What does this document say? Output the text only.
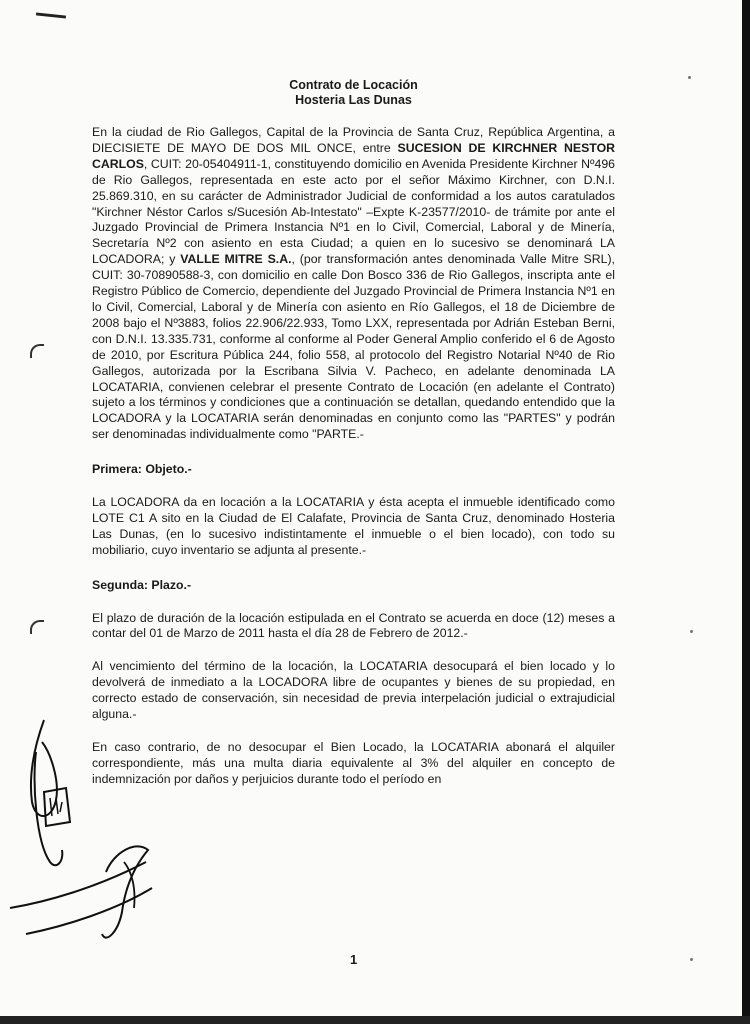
Contrato de Locación

Hosteria Las Dunas

En la ciudad de Rio Gallegos, Capital de la Provincia de Santa Cruz, República Argentina, a DIECISIETE DE MAYO DE DOS MIL ONCE, entre SUCESION DE KIRCHNER NESTOR CARLOS, CUIT: 20-05404911-1, constituyendo domicilio en Avenida Presidente Kirchner Nº496 de Rio Gallegos, representada en este acto por el señor Máximo Kirchner, con D.N.I. 25.869.310, en su carácter de Administrador Judicial de conformidad a los autos caratulados "Kirchner Néstor Carlos s/Sucesión Ab-Intestato" –Expte K-23577/2010- de trámite por ante el Juzgado Provincial de Primera Instancia Nº1 en lo Civil, Comercial, Laboral y de Minería, Secretaría Nº2 con asiento en esta Ciudad; a quien en lo sucesivo se denominará LA LOCADORA; y VALLE MITRE S.A., (por transformación antes denominada Valle Mitre SRL), CUIT: 30-70890588-3, con domicilio en calle Don Bosco 336 de Rio Gallegos, inscripta ante el Registro Público de Comercio, dependiente del Juzgado Provincial de Primera Instancia Nº1 en lo Civil, Comercial, Laboral y de Minería con asiento en Río Gallegos, el 18 de Diciembre de 2008 bajo el Nº3883, folios 22.906/22.933, Tomo LXX, representada por Adrián Esteban Berni, con D.N.I. 13.335.731, conforme al conforme al Poder General Amplio conferido el 6 de Agosto de 2010, por Escritura Pública 244, folio 558, al protocolo del Registro Notarial Nº40 de Rio Gallegos, autorizada por la Escribana Silvia V. Pacheco, en adelante denominada LA LOCATARIA, convienen celebrar el presente Contrato de Locación (en adelante el Contrato) sujeto a los términos y condiciones que a continuación se detallan, quedando entendido que la LOCADORA y la LOCATARIA serán denominadas en conjunto como las "PARTES" y podrán ser denominadas individualmente como "PARTE.-

Primera: Objeto.-

La LOCADORA da en locación a la LOCATARIA y ésta acepta el inmueble identificado como LOTE C1 A sito en la Ciudad de El Calafate, Provincia de Santa Cruz, denominado Hosteria Las Dunas, (en lo sucesivo indistintamente el inmueble o el bien locado), con todo su mobiliario, cuyo inventario se adjunta al presente.-

Segunda: Plazo.-

El plazo de duración de la locación estipulada en el Contrato se acuerda en doce (12) meses a contar del 01 de Marzo de 2011 hasta el día 28 de Febrero de 2012.-

Al vencimiento del término de la locación, la LOCATARIA desocupará el bien locado y lo devolverá de inmediato a la LOCADORA libre de ocupantes y bienes de su propiedad, en correcto estado de conservación, sin necesidad de previa interpelación judicial o extrajudicial alguna.-

En caso contrario, de no desocupar el Bien Locado, la LOCATARIA abonará el alquiler correspondiente, más una multa diaria equivalente al 3% del alquiler en concepto de indemnización por daños y perjuicios durante todo el período en

1
